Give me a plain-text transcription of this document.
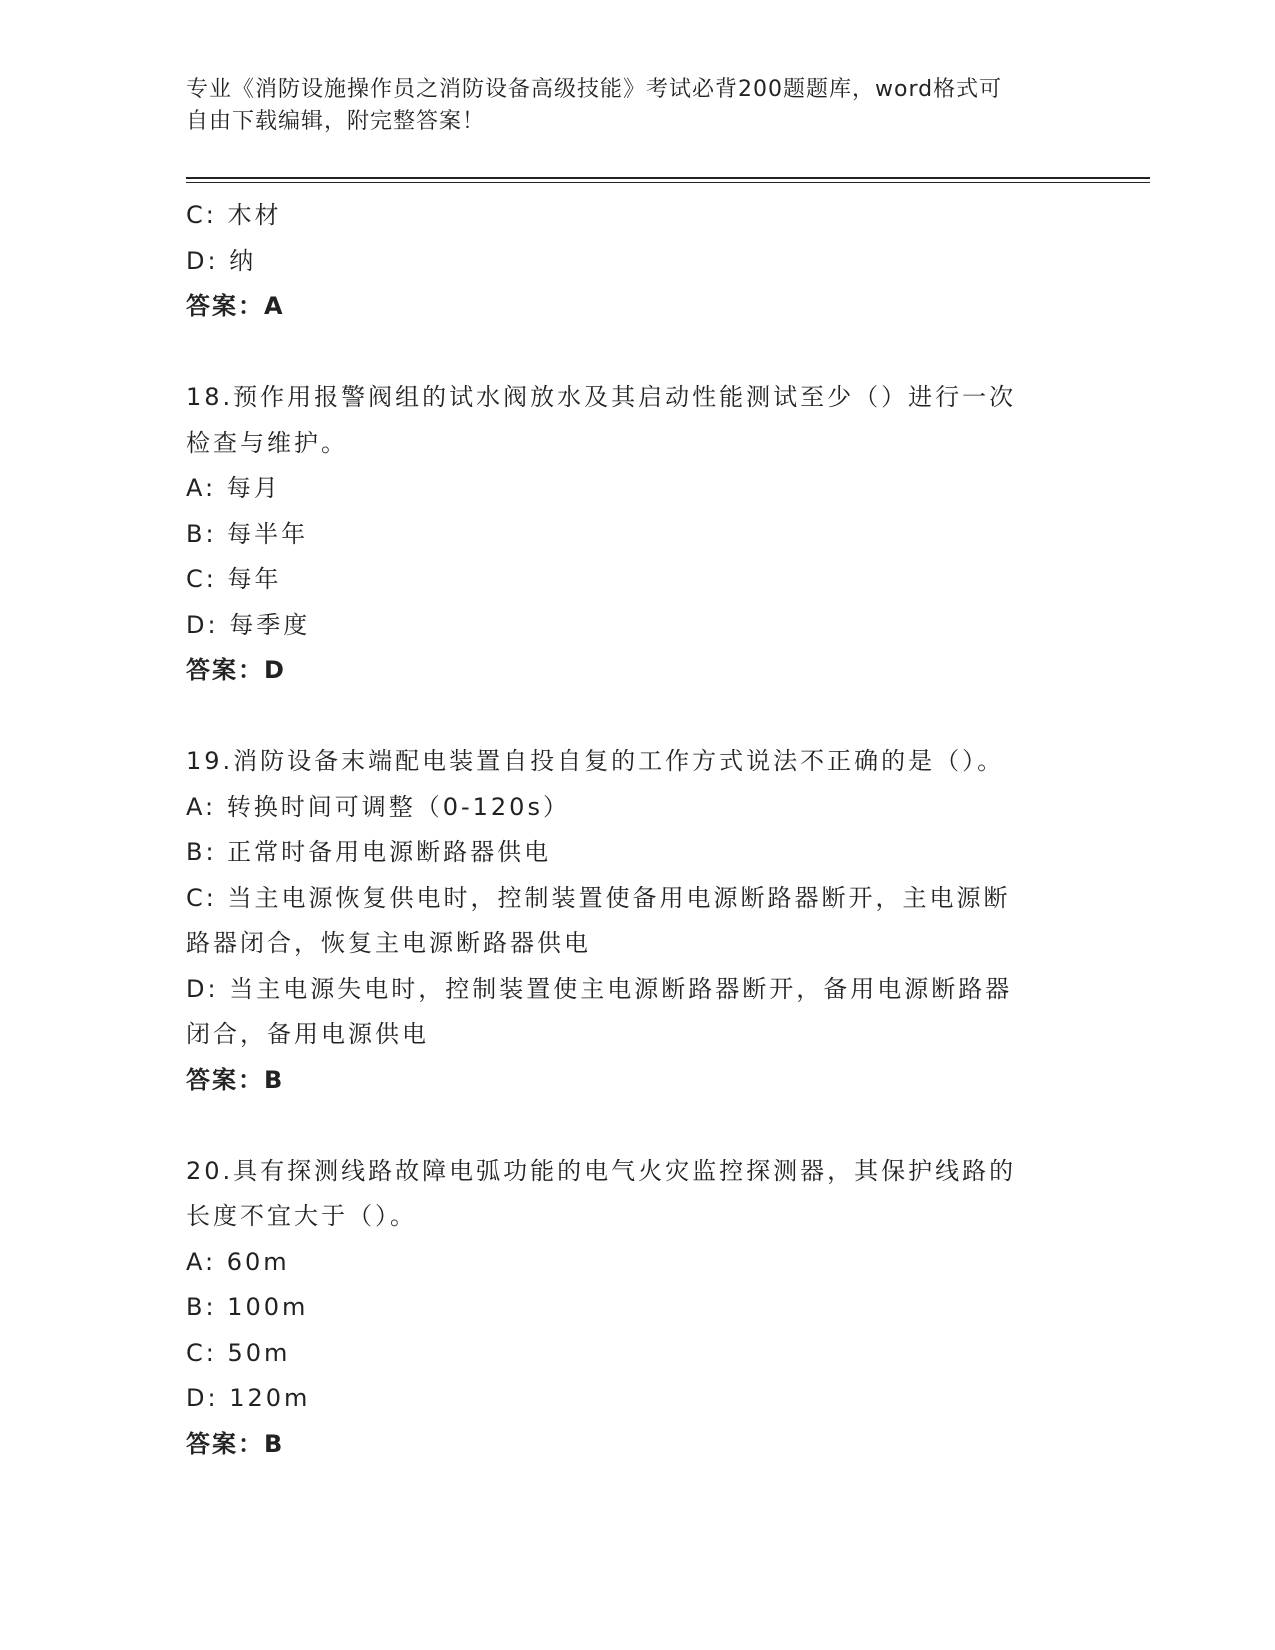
专业《消防设施操作员之消防设备高级技能》考试必背200题题库，word格式可
自由下载编辑，附完整答案！
C: 木材
D: 纳
答案：A
18.预作用报警阀组的试水阀放水及其启动性能测试至少（）进行一次
检查与维护。
A: 每月
B: 每半年
C: 每年
D: 每季度
答案：D
19.消防设备末端配电装置自投自复的工作方式说法不正确的是（）。
A: 转换时间可调整（0-120s）
B: 正常时备用电源断路器供电
C: 当主电源恢复供电时，控制装置使备用电源断路器断开，主电源断
路器闭合，恢复主电源断路器供电
D: 当主电源失电时，控制装置使主电源断路器断开，备用电源断路器
闭合，备用电源供电
答案：B
20.具有探测线路故障电弧功能的电气火灾监控探测器，其保护线路的
长度不宜大于（）。
A: 60m
B: 100m
C: 50m
D: 120m
答案：B
